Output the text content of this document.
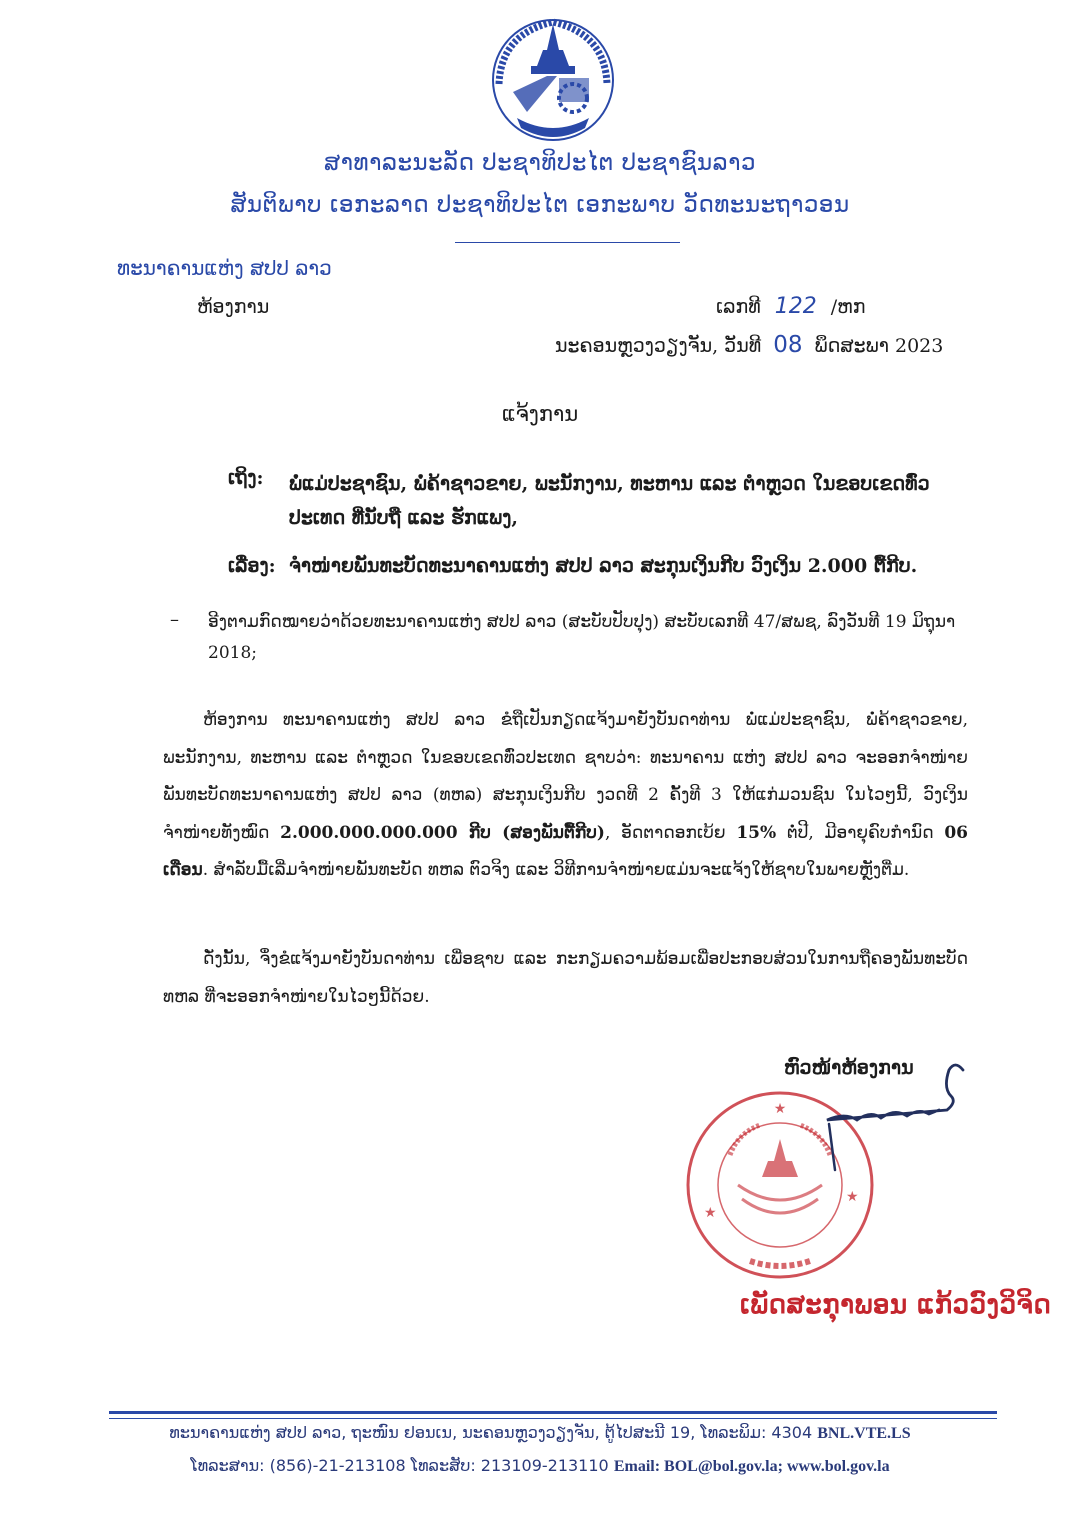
ສາທາລະນະລັດ ປະຊາທິປະໄຕ ປະຊາຊົນລາວ
ສັນຕິພາບ ເອກະລາດ ປະຊາທິປະໄຕ ເອກະພາບ ວັດທະນະຖາວອນ
ທະນາຄານແຫ່ງ ສປປ ລາວ
ຫ້ອງການ	ເລກທີ 122 /ຫກ
ນະຄອນຫຼວງວຽງຈັນ, ວັນທີ 08 ພຶດສະພາ 2023
ແຈ້ງການ
ເຖິງ: ພໍ່ແມ່ປະຊາຊົນ, ພໍ່ຄ້າຊາວຂາຍ, ພະນັກງານ, ທະຫານ ແລະ ຕຳຫຼວດ ໃນຂອບເຂດທົ່ວປະເທດ ທີ່ນັບຖື ແລະ ຮັກແພງ,
ເລື່ອງ: ຈຳໜ່າຍພັນທະບັດທະນາຄານແຫ່ງ ສປປ ລາວ ສະກຸນເງິນກີບ ວົງເງິນ 2.000 ຕື້ກີບ.
– ອີງຕາມກົດໝາຍວ່າດ້ວຍທະນາຄານແຫ່ງ ສປປ ລາວ (ສະບັບປັບປຸງ) ສະບັບເລກທີ 47/ສພຊ, ລົງວັນທີ 19 ມິຖຸນາ 2018;
ຫ້ອງການ ທະນາຄານແຫ່ງ ສປປ ລາວ ຂໍຖືເປັນກຽດແຈ້ງມາຍັງບັນດາທ່ານ ພໍ່ແມ່ປະຊາຊົນ, ພໍ່ຄ້າຊາວຂາຍ, ພະນັກງານ, ທະຫານ ແລະ ຕຳຫຼວດ ໃນຂອບເຂດທົ່ວປະເທດ ຊາບວ່າ: ທະນາຄານ ແຫ່ງ ສປປ ລາວ ຈະອອກຈຳໜ່າຍພັນທະບັດທະນາຄານແຫ່ງ ສປປ ລາວ (ທຫລ) ສະກຸນເງິນກີບ ງວດທີ 2 ຄັ້ງທີ 3 ໃຫ້ແກ່ມວນຊົນ ໃນໄວໆນີ້, ວົງເງິນຈຳໜ່າຍທັງໝົດ 2.000.000.000.000 ກີບ (ສອງພັນຕື້ກີບ), ອັດຕາດອກເບ້ຍ 15% ຕໍ່ປີ, ມີອາຍຸຄົບກຳນົດ 06 ເດືອນ. ສຳລັບມື້ເລີ່ມຈຳໜ່າຍພັນທະບັດ ທຫລ ຕົວຈິງ ແລະ ວິທີການຈຳໜ່າຍແມ່ນຈະແຈ້ງໃຫ້ຊາບໃນພາຍຫຼັງຕື່ມ.
ດັ່ງນັ້ນ, ຈຶ່ງຂໍແຈ້ງມາຍັງບັນດາທ່ານ ເພື່ອຊາບ ແລະ ກະກຽມຄວາມພ້ອມເພື່ອປະກອບສ່ວນໃນການຖືຄອງພັນທະບັດ ທຫລ ທີ່ຈະອອກຈຳໜ່າຍໃນໄວໆນີ້ດ້ວຍ.
ຫົວໜ້າຫ້ອງການ
★
★
★
ເພັດສະກຸາພອນ ແກ້ວວົງວິຈິດ
ທະນາຄານແຫ່ງ ສປປ ລາວ, ຖະໜົນ ຢອນເນ, ນະຄອນຫຼວງວຽງຈັນ, ຕູ້ໄປສະນີ 19, ໂທລະພິມ: 4304 BNL.VTE.LS
ໂທລະສານ: (856)-21-213108 ໂທລະສັບ: 213109-213110 Email: BOL@bol.gov.la; www.bol.gov.la
